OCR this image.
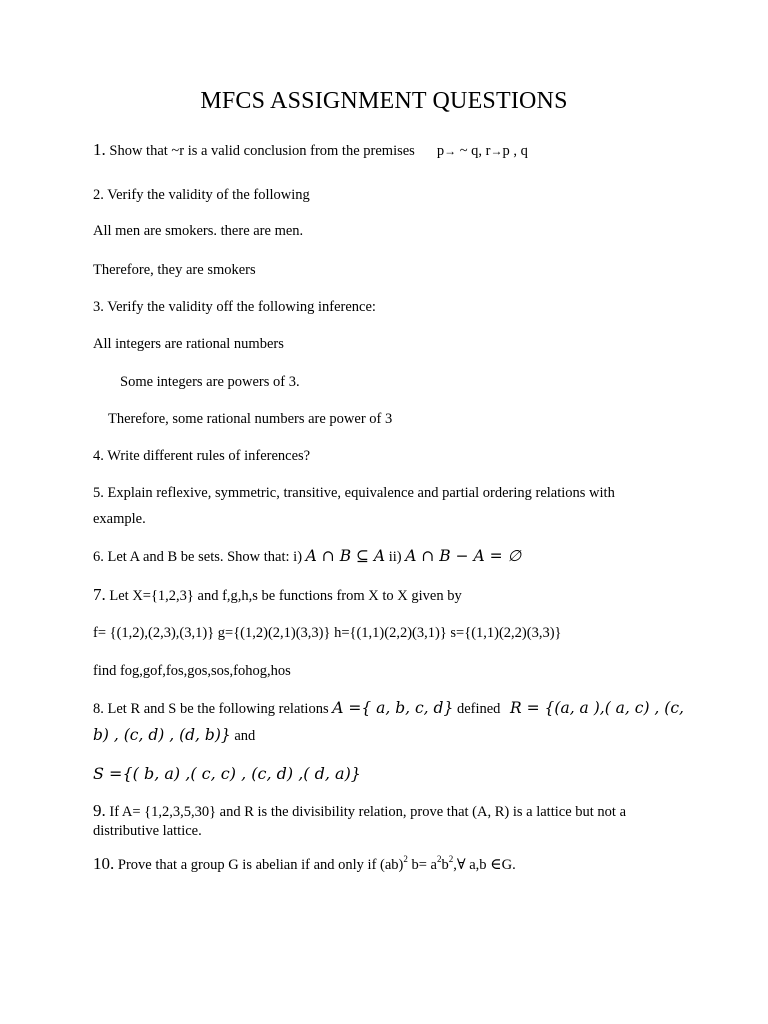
MFCS ASSIGNMENT QUESTIONS
1. Show that ~r is a valid conclusion from the premises p→ ~ q, r→p , q
2. Verify the validity of the following
All men are smokers. there are men.
Therefore, they are smokers
3. Verify the validity off the following inference:
All integers are rational numbers
Some integers are powers of 3.
Therefore, some rational numbers are power of 3
4. Write different rules of inferences?
5. Explain reflexive, symmetric, transitive, equivalence and partial ordering relations with
example.
6. Let A and B be sets. Show that: i) A ∩ B ⊆ A ii) A ∩ B − A = ∅
7. Let X={1,2,3} and f,g,h,s be functions from X to X given by
f= {(1,2),(2,3),(3,1)} g={(1,2)(2,1)(3,3)} h={(1,1)(2,2)(3,1)} s={(1,1)(2,2)(3,3)}
find fog,gof,fos,gos,sos,fohog,hos
8. Let R and S be the following relations A ={ a, b, c, d} defined R = {(a, a ),( a, c) , (c,
b) , (c, d) , (d, b)} and
S ={( b, a) ,( c, c) , (c, d) ,( d, a)}
9. If A= {1,2,3,5,30} and R is the divisibility relation, prove that (A, R) is a lattice but not a
distributive lattice.
10. Prove that a group G is abelian if and only if (ab)$^2$ $b= a^2b^2,\forall$ a,b ∈G.
